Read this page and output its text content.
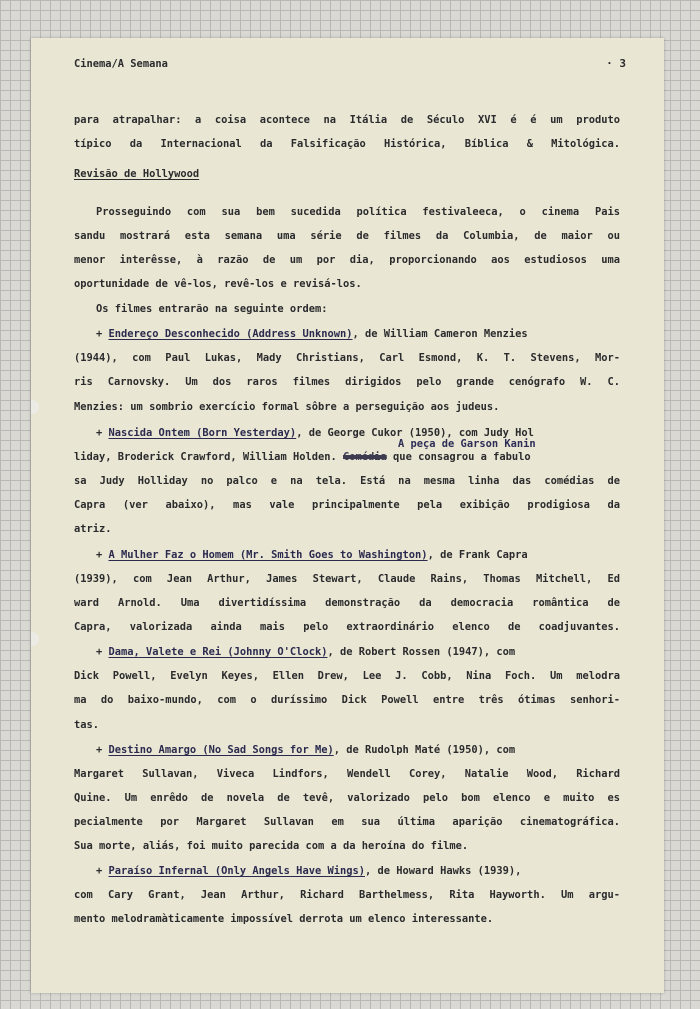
Cinema/A Semana	· 3
para atrapalhar: a coisa acontece na Itália de Século XVI é é um produto
típico da Internacional da Falsificação Histórica, Bíblica & Mitológica.
Revisão de Hollywood
Prosseguindo com sua bem sucedida política festivaleeca, o cinema Pais
sandu mostrará esta semana uma série de filmes da Columbia, de maior ou
menor interêsse, à razão de um por dia, proporcionando aos estudiosos uma
oportunidade de vê-los, revê-los e revisá-los.
Os filmes entrarão na seguinte ordem:
+ Endereço Desconhecido (Address Unknown), de William Cameron Menzies
(1944), com Paul Lukas, Mady Christians, Carl Esmond, K. T. Stevens, Mor-
ris Carnovsky. Um dos raros filmes dirigidos pelo grande cenógrafo W. C.
Menzies: um sombrio exercício formal sôbre a perseguição aos judeus.
+ Nascida Ontem (Born Yesterday), de George Cukor (1950), com Judy Hol
A peça de Garson Kanin
liday, Broderick Crawford, William Holden. Comédia que consagrou a fabulo
sa Judy Holliday no palco e na tela. Está na mesma linha das comédias de
Capra (ver abaixo), mas vale principalmente pela exibição prodigiosa da
atriz.
+ A Mulher Faz o Homem (Mr. Smith Goes to Washington), de Frank Capra
(1939), com Jean Arthur, James Stewart, Claude Rains, Thomas Mitchell, Ed
ward Arnold. Uma divertidíssima demonstração da democracia romântica de
Capra, valorizada ainda mais pelo extraordinário elenco de coadjuvantes.
+ Dama, Valete e Rei (Johnny O'Clock), de Robert Rossen (1947), com
Dick Powell, Evelyn Keyes, Ellen Drew, Lee J. Cobb, Nina Foch. Um melodra
ma do baixo-mundo, com o duríssimo Dick Powell entre três ótimas senhori-
tas.
+ Destino Amargo (No Sad Songs for Me), de Rudolph Maté (1950), com
Margaret Sullavan, Viveca Lindfors, Wendell Corey, Natalie Wood, Richard
Quine. Um enrêdo de novela de tevê, valorizado pelo bom elenco e muito es
pecialmente por Margaret Sullavan em sua última aparição cinematográfica.
Sua morte, aliás, foi muito parecida com a da heroína do filme.
+ Paraíso Infernal (Only Angels Have Wings), de Howard Hawks (1939),
com Cary Grant, Jean Arthur, Richard Barthelmess, Rita Hayworth. Um argu-
mento melodramàticamente impossível derrota um elenco interessante.
